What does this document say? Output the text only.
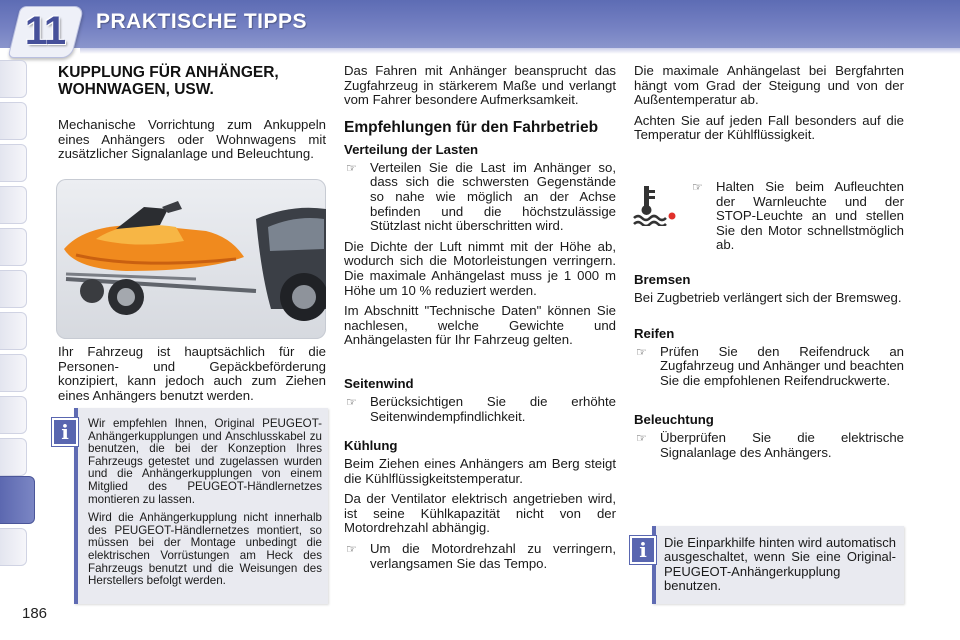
11	PRAKTISCHE TIPPS
186
KUPPLUNG FÜR ANHÄNGER, WOHNWAGEN, USW.

Mechanische Vorrichtung zum Ankuppeln eines Anhängers oder Wohnwagens mit zusätzlicher Signalanlage und Beleuchtung.

Ihr Fahrzeug ist hauptsächlich für die Personen- und Gepäckbeförderung konzipiert, kann jedoch auch zum Ziehen eines Anhängers benutzt werden.

Wir empfehlen Ihnen, Original PEUGEOT-Anhängerkupplungen und Anschlusskabel zu benutzen, die bei der Konzeption Ihres Fahrzeugs getestet und zugelassen wurden und die Anhängerkupplungen von einem Mitglied des PEUGEOT-Händlernetzes montieren zu lassen.

Wird die Anhängerkupplung nicht innerhalb des PEUGEOT-Händlernetzes montiert, so müssen bei der Montage unbedingt die elektrischen Vorrüstungen am Heck des Fahrzeugs benutzt und die Weisungen des Herstellers befolgt werden.

i

Das Fahren mit Anhänger beansprucht das Zugfahrzeug in stärkerem Maße und verlangt vom Fahrer besondere Aufmerksamkeit.

Empfehlungen für den Fahrbetrieb
Verteilung der Lasten
☞	Verteilen Sie die Last im Anhänger so, dass sich die schwersten Gegenstände so nahe wie möglich an der Achse befinden und die höchstzulässige Stützlast nicht überschritten wird.

Die Dichte der Luft nimmt mit der Höhe ab, wodurch sich die Motorleistungen verringern. Die maximale Anhängelast muss je 1 000 m Höhe um 10 % reduziert werden.

Im Abschnitt "Technische Daten" können Sie nachlesen, welche Gewichte und Anhängelasten für Ihr Fahrzeug gelten.

Seitenwind
☞	Berücksichtigen Sie die erhöhte Seitenwindempfindlichkeit.
Kühlung

Beim Ziehen eines Anhängers am Berg steigt die Kühlflüssigkeitstemperatur.

Da der Ventilator elektrisch angetrieben wird, ist seine Kühlkapazität nicht von der Motordrehzahl abhängig.

☞	Um die Motordrehzahl zu verringern, verlangsamen Sie das Tempo.

Die maximale Anhängelast bei Bergfahrten hängt vom Grad der Steigung und von der Außentemperatur ab.

Achten Sie auf jeden Fall besonders auf die Temperatur der Kühlflüssigkeit.

☞	Halten Sie beim Aufleuchten der Warnleuchte und der STOP-Leuchte an und stellen Sie den Motor schnellstmöglich ab.
Bremsen

Bei Zugbetrieb verlängert sich der Bremsweg.

Reifen
☞	Prüfen Sie den Reifendruck an Zugfahrzeug und Anhänger und beachten Sie die empfohlenen Reifendruckwerte.
Beleuchtung
☞	Überprüfen Sie die elektrische Signalanlage des Anhängers.

Die Einparkhilfe hinten wird automatisch ausgeschaltet, wenn Sie eine Original-PEUGEOT-Anhängerkupplung benutzen.

i
